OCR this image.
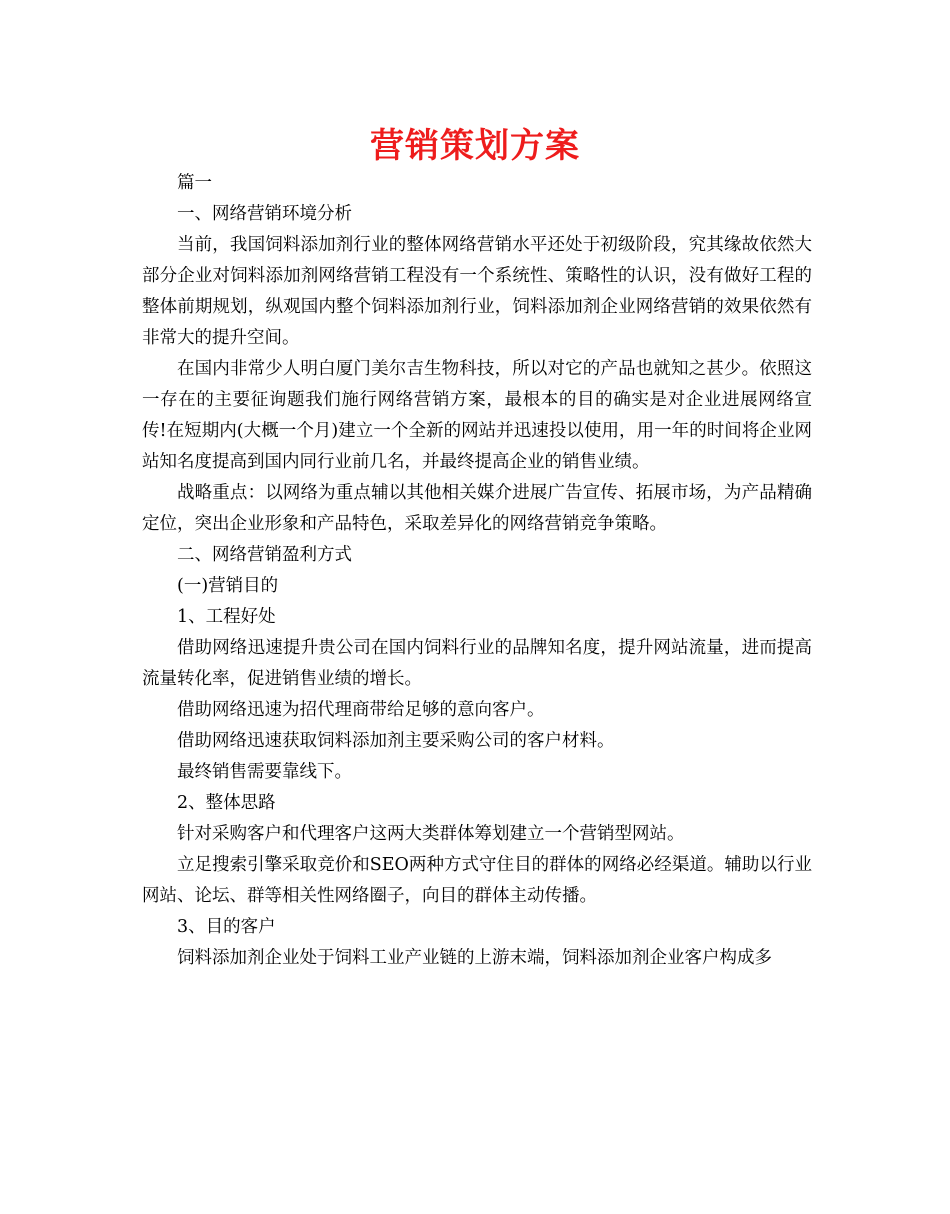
营销策划方案

篇一

一、网络营销环境分析

当前，我国饲料添加剂行业的整体网络营销水平还处于初级阶段，究其缘故依然大部分企业对饲料添加剂网络营销工程没有一个系统性、策略性的认识，没有做好工程的整体前期规划，纵观国内整个饲料添加剂行业，饲料添加剂企业网络营销的效果依然有非常大的提升空间。

在国内非常少人明白厦门美尔吉生物科技，所以对它的产品也就知之甚少。依照这一存在的主要征询题我们施行网络营销方案，最根本的目的确实是对企业进展网络宣传!在短期内(大概一个月)建立一个全新的网站并迅速投以使用，用一年的时间将企业网站知名度提高到国内同行业前几名，并最终提高企业的销售业绩。

战略重点：以网络为重点辅以其他相关媒介进展广告宣传、拓展市场，为产品精确定位，突出企业形象和产品特色，采取差异化的网络营销竞争策略。

二、网络营销盈利方式

(一)营销目的

1、工程好处

借助网络迅速提升贵公司在国内饲料行业的品牌知名度，提升网站流量，进而提高流量转化率，促进销售业绩的增长。

借助网络迅速为招代理商带给足够的意向客户。

借助网络迅速获取饲料添加剂主要采购公司的客户材料。

最终销售需要靠线下。

2、整体思路

针对采购客户和代理客户这两大类群体筹划建立一个营销型网站。

立足搜索引擎采取竞价和SEO两种方式守住目的群体的网络必经渠道。辅助以行业网站、论坛、群等相关性网络圈子，向目的群体主动传播。

3、目的客户

饲料添加剂企业处于饲料工业产业链的上游末端，饲料添加剂企业客户构成多
